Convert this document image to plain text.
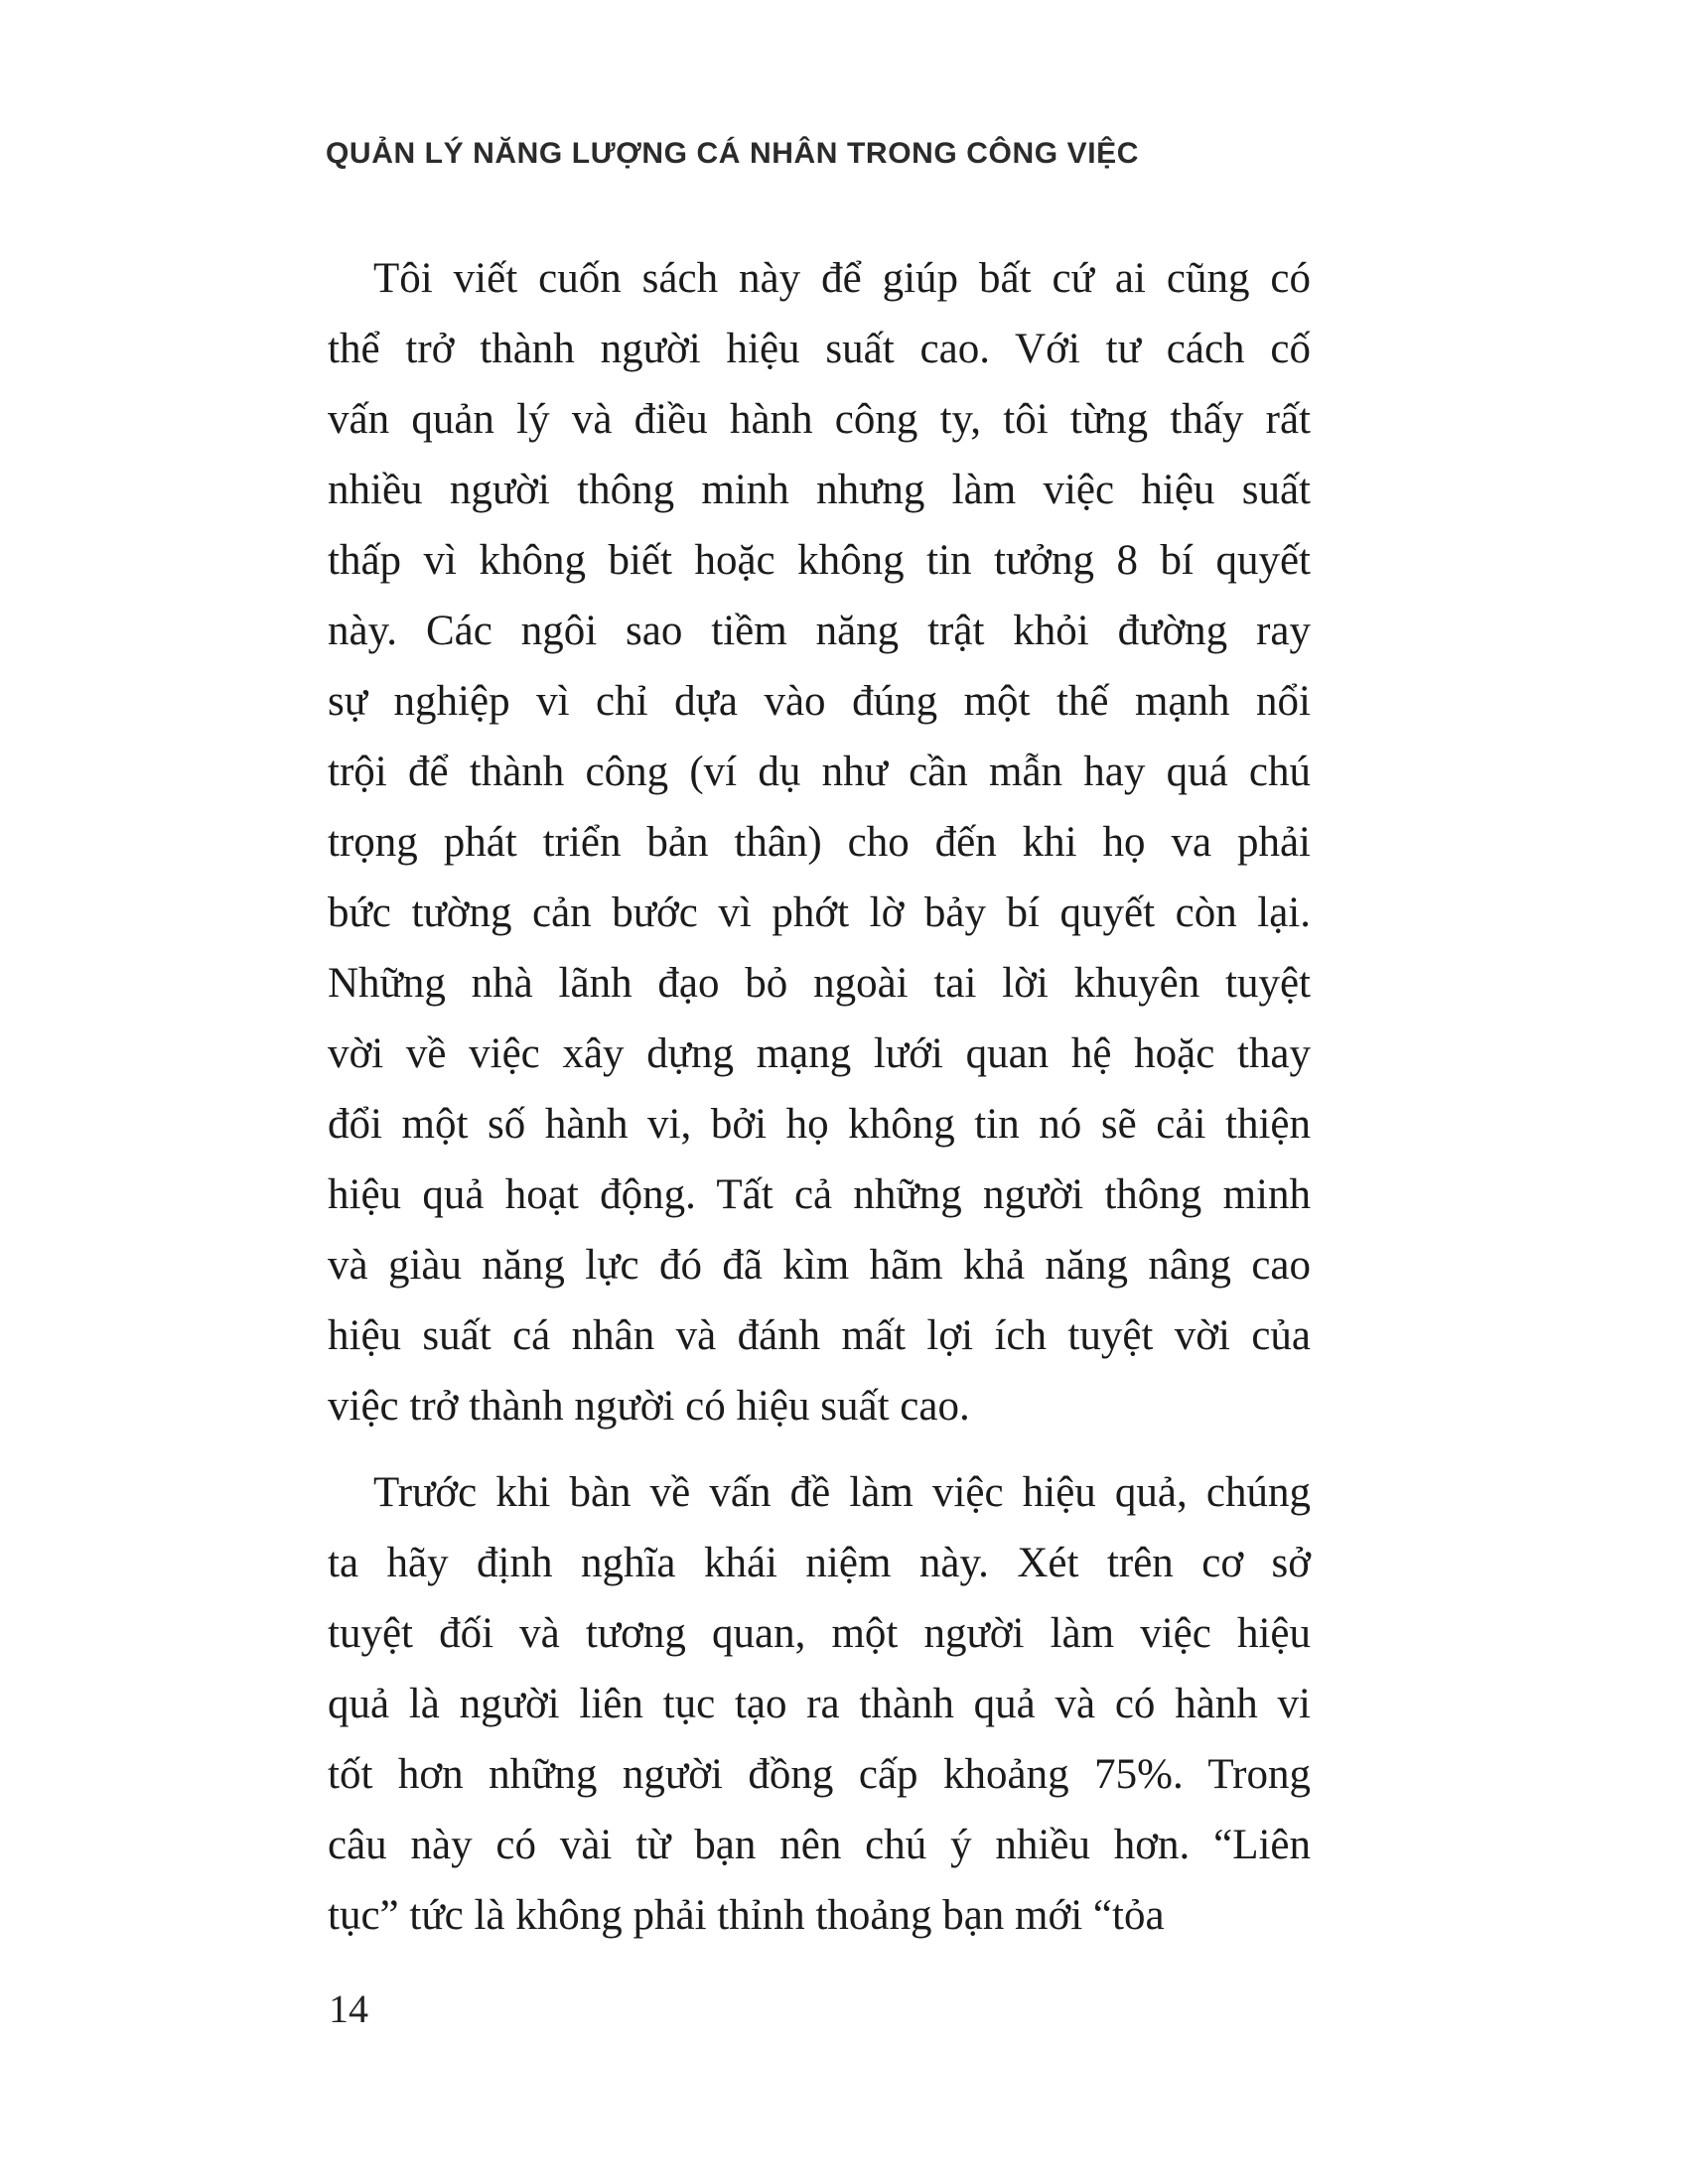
QUẢN LÝ NĂNG LƯỢNG CÁ NHÂN TRONG CÔNG VIỆC
Tôi viết cuốn sách này để giúp bất cứ ai cũng có
thể trở thành người hiệu suất cao. Với tư cách cố
vấn quản lý và điều hành công ty, tôi từng thấy rất
nhiều người thông minh nhưng làm việc hiệu suất
thấp vì không biết hoặc không tin tưởng 8 bí quyết
này. Các ngôi sao tiềm năng trật khỏi đường ray
sự nghiệp vì chỉ dựa vào đúng một thế mạnh nổi
trội để thành công (ví dụ như cần mẫn hay quá chú
trọng phát triển bản thân) cho đến khi họ va phải
bức tường cản bước vì phớt lờ bảy bí quyết còn lại.
Những nhà lãnh đạo bỏ ngoài tai lời khuyên tuyệt
vời về việc xây dựng mạng lưới quan hệ hoặc thay
đổi một số hành vi, bởi họ không tin nó sẽ cải thiện
hiệu quả hoạt động. Tất cả những người thông minh
và giàu năng lực đó đã kìm hãm khả năng nâng cao
hiệu suất cá nhân và đánh mất lợi ích tuyệt vời của
việc trở thành người có hiệu suất cao.
Trước khi bàn về vấn đề làm việc hiệu quả, chúng
ta hãy định nghĩa khái niệm này. Xét trên cơ sở
tuyệt đối và tương quan, một người làm việc hiệu
quả là người liên tục tạo ra thành quả và có hành vi
tốt hơn những người đồng cấp khoảng 75%. Trong
câu này có vài từ bạn nên chú ý nhiều hơn. “Liên
tục” tức là không phải thỉnh thoảng bạn mới “tỏa
14
